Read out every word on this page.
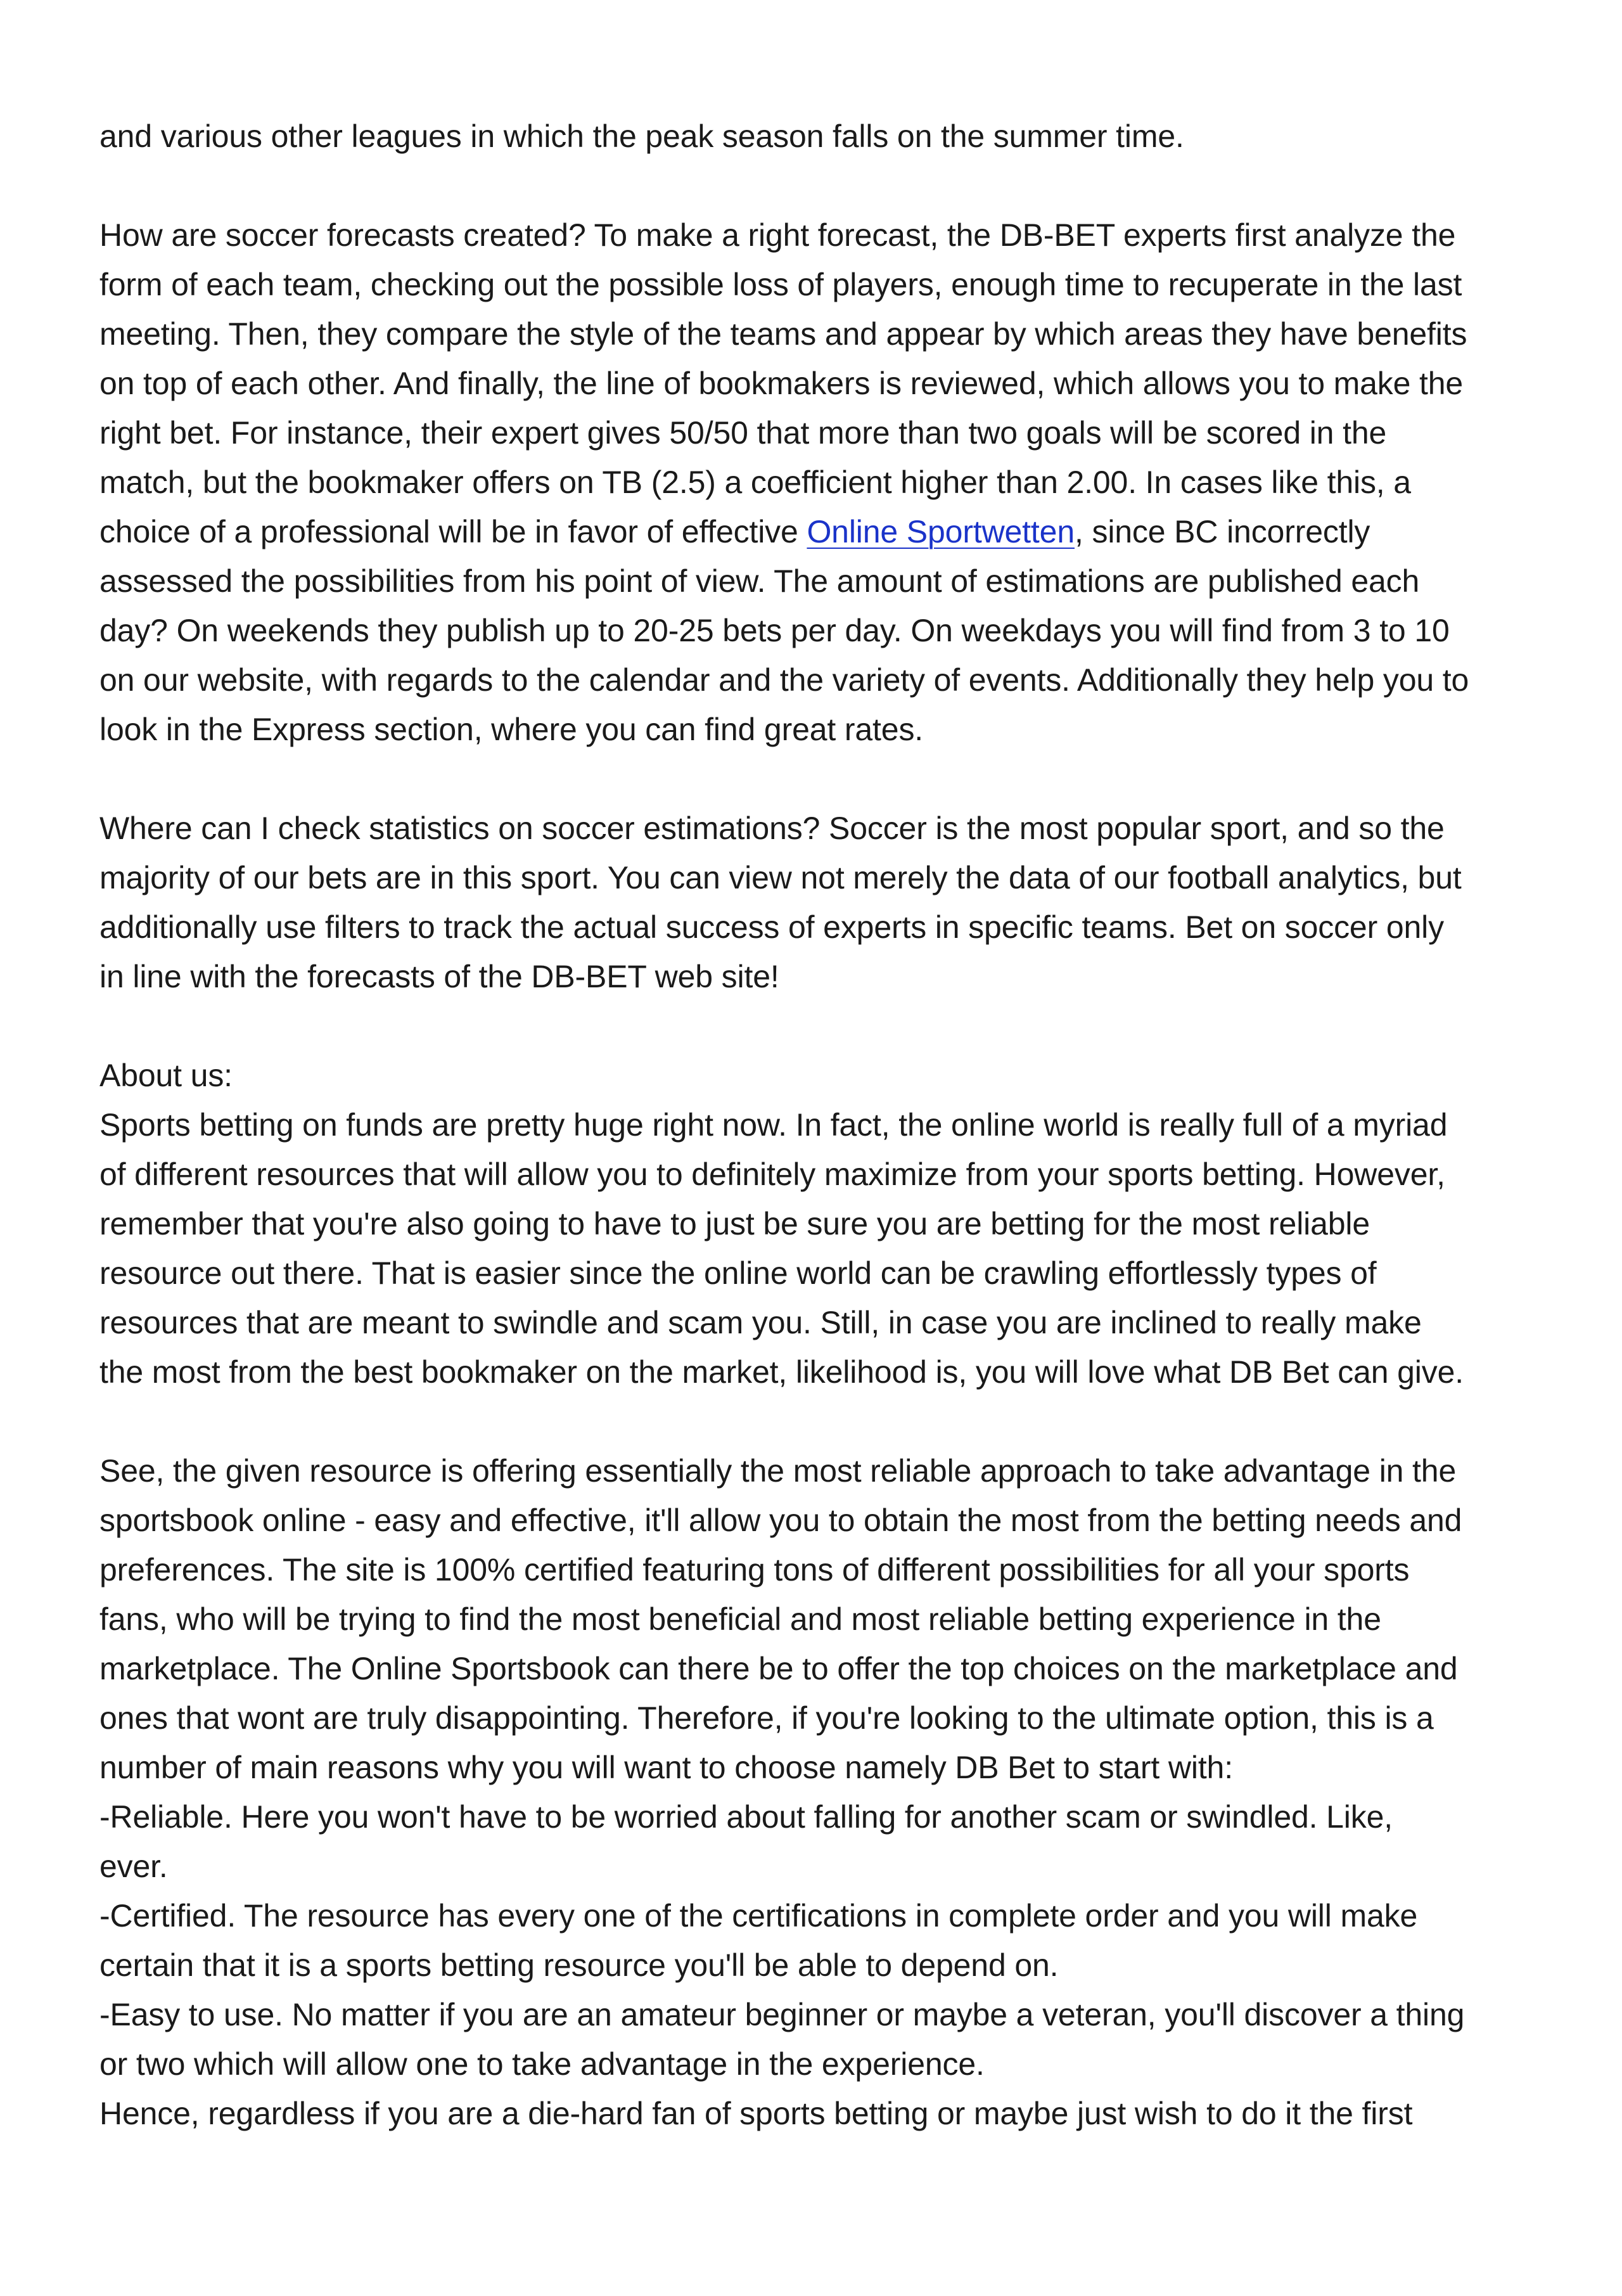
and various other leagues in which the peak season falls on the summer time.

How are soccer forecasts created? To make a right forecast, the DB-BET experts first analyze the
form of each team, checking out the possible loss of players, enough time to recuperate in the last
meeting. Then, they compare the style of the teams and appear by which areas they have benefits
on top of each other. And finally, the line of bookmakers is reviewed, which allows you to make the
right bet. For instance, their expert gives 50/50 that more than two goals will be scored in the
match, but the bookmaker offers on TB (2.5) a coefficient higher than 2.00. In cases like this, a
choice of a professional will be in favor of effective Online Sportwetten, since BC incorrectly
assessed the possibilities from his point of view. The amount of estimations are published each
day? On weekends they publish up to 20-25 bets per day. On weekdays you will find from 3 to 10
on our website, with regards to the calendar and the variety of events. Additionally they help you to
look in the Express section, where you can find great rates.

Where can I check statistics on soccer estimations? Soccer is the most popular sport, and so the
majority of our bets are in this sport. You can view not merely the data of our football analytics, but
additionally use filters to track the actual success of experts in specific teams. Bet on soccer only
in line with the forecasts of the DB-BET web site!

About us:
Sports betting on funds are pretty huge right now. In fact, the online world is really full of a myriad
of different resources that will allow you to definitely maximize from your sports betting. However,
remember that you're also going to have to just be sure you are betting for the most reliable
resource out there. That is easier since the online world can be crawling effortlessly types of
resources that are meant to swindle and scam you. Still, in case you are inclined to really make
the most from the best bookmaker on the market, likelihood is, you will love what DB Bet can give.

See, the given resource is offering essentially the most reliable approach to take advantage in the
sportsbook online - easy and effective, it'll allow you to obtain the most from the betting needs and
preferences. The site is 100% certified featuring tons of different possibilities for all your sports
fans, who will be trying to find the most beneficial and most reliable betting experience in the
marketplace. The Online Sportsbook can there be to offer the top choices on the marketplace and
ones that wont are truly disappointing. Therefore, if you're looking to the ultimate option, this is a
number of main reasons why you will want to choose namely DB Bet to start with:
-Reliable. Here you won't have to be worried about falling for another scam or swindled. Like,
ever.
-Certified. The resource has every one of the certifications in complete order and you will make
certain that it is a sports betting resource you'll be able to depend on.
-Easy to use. No matter if you are an amateur beginner or maybe a veteran, you'll discover a thing
or two which will allow one to take advantage in the experience.
Hence, regardless if you are a die-hard fan of sports betting or maybe just wish to do it the first
